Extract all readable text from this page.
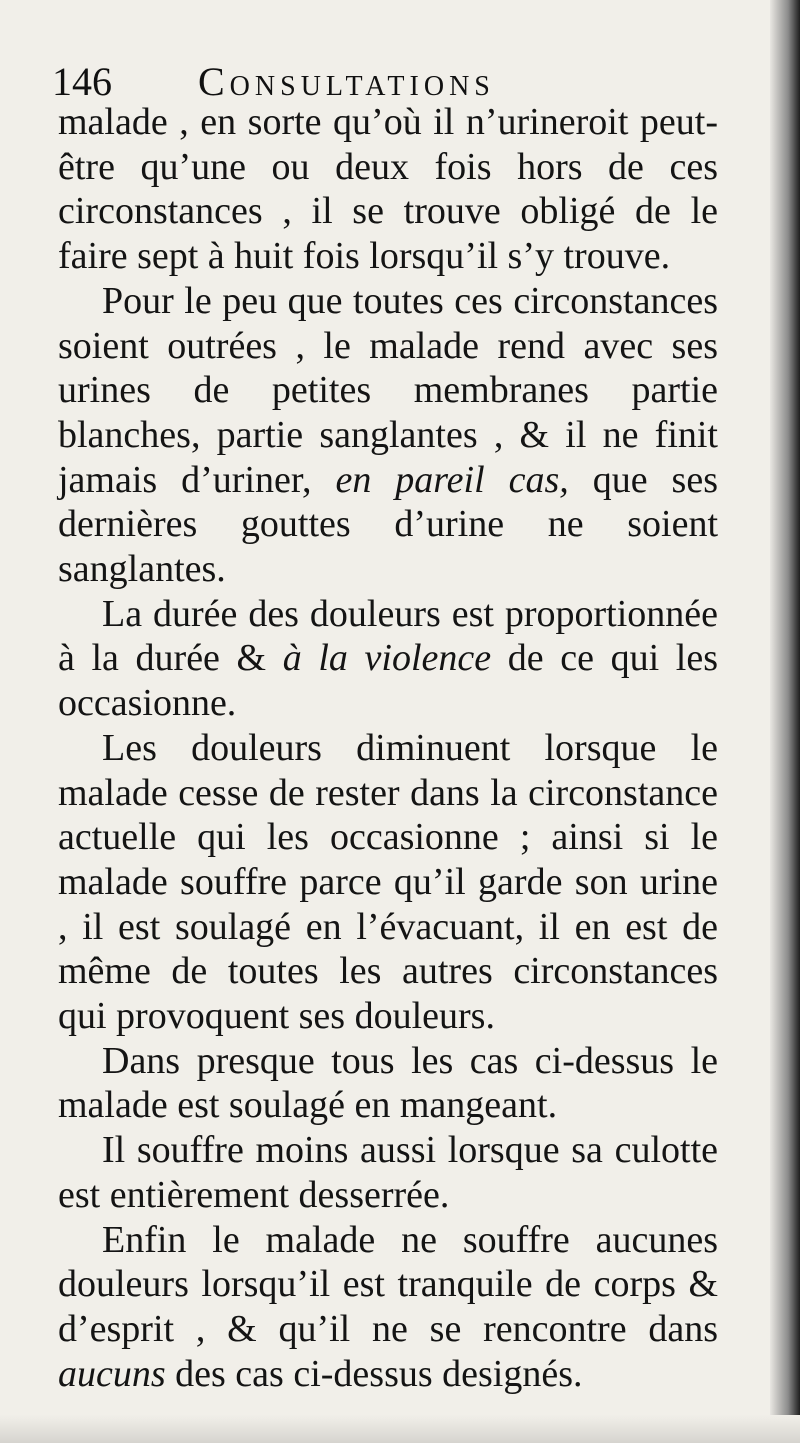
146 Consultations

malade , en sorte qu’où il n’urineroit peut-être qu’une ou deux fois hors de ces circonstances , il se trouve obligé de le faire sept à huit fois lorsqu’il s’y trouve.

Pour le peu que toutes ces circonstances soient outrées , le malade rend avec ses urines de petites membranes partie blanches, partie sanglantes , & il ne finit jamais d’uriner, en pareil cas, que ses dernières gouttes d’urine ne soient sanglantes.

La durée des douleurs est proportionnée à la durée & à la violence de ce qui les occasionne.

Les douleurs diminuent lorsque le malade cesse de rester dans la circonstance actuelle qui les occasionne ; ainsi si le malade souffre parce qu’il garde son urine , il est soulagé en l’évacuant, il en est de même de toutes les autres circonstances qui provoquent ses douleurs.

Dans presque tous les cas ci-dessus le malade est soulagé en mangeant.

Il souffre moins aussi lorsque sa culotte est entièrement desserrée.

Enfin le malade ne souffre aucunes douleurs lorsqu’il est tranquile de corps & d’esprit , & qu’il ne se rencontre dans aucuns des cas ci-dessus designés.
